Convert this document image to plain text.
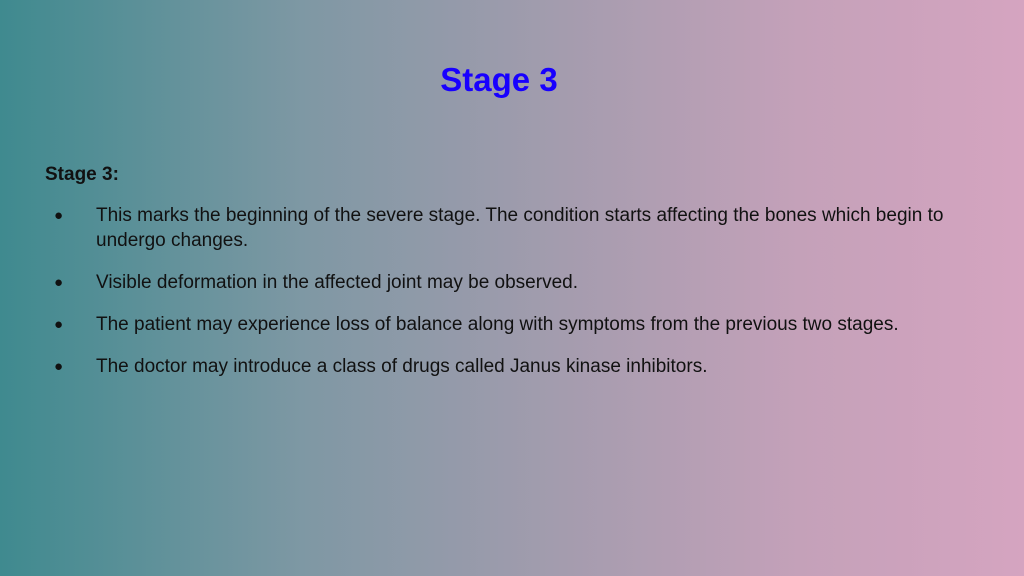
Stage 3
Stage 3:
● This marks the beginning of the severe stage. The condition starts affecting the bones which begin to undergo changes.
● Visible deformation in the affected joint may be observed.
● The patient may experience loss of balance along with symptoms from the previous two stages.
● The doctor may introduce a class of drugs called Janus kinase inhibitors.
